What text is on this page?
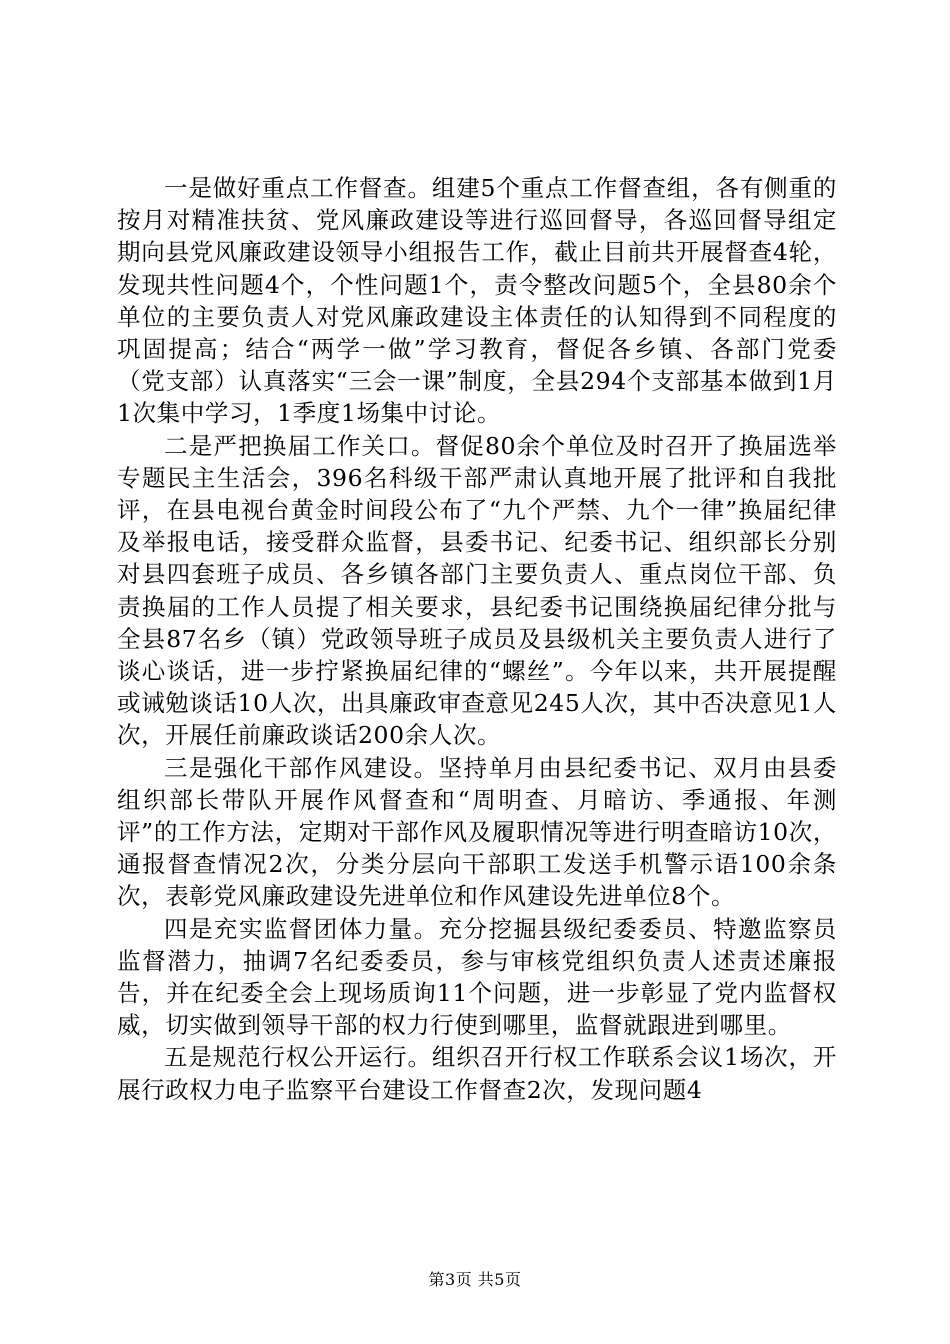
一是做好重点工作督查。组建5个重点工作督查组，各有侧重的按月对精准扶贫、党风廉政建设等进行巡回督导，各巡回督导组定期向县党风廉政建设领导小组报告工作，截止目前共开展督查4轮，发现共性问题4个，个性问题1个，责令整改问题5个，全县80余个单位的主要负责人对党风廉政建设主体责任的认知得到不同程度的巩固提高；结合“两学一做”学习教育，督促各乡镇、各部门党委（党支部）认真落实“三会一课”制度，全县294个支部基本做到1月1次集中学习，1季度1场集中讨论。

二是严把换届工作关口。督促80余个单位及时召开了换届选举专题民主生活会，396名科级干部严肃认真地开展了批评和自我批评，在县电视台黄金时间段公布了“九个严禁、九个一律”换届纪律及举报电话，接受群众监督，县委书记、纪委书记、组织部长分别对县四套班子成员、各乡镇各部门主要负责人、重点岗位干部、负责换届的工作人员提了相关要求，县纪委书记围绕换届纪律分批与全县87名乡（镇）党政领导班子成员及县级机关主要负责人进行了谈心谈话，进一步拧紧换届纪律的“螺丝”。今年以来，共开展提醒或诫勉谈话10人次，出具廉政审查意见245人次，其中否决意见1人次，开展任前廉政谈话200余人次。

三是强化干部作风建设。坚持单月由县纪委书记、双月由县委组织部长带队开展作风督查和“周明查、月暗访、季通报、年测评”的工作方法，定期对干部作风及履职情况等进行明查暗访10次，通报督查情况2次，分类分层向干部职工发送手机警示语100余条次，表彰党风廉政建设先进单位和作风建设先进单位8个。

四是充实监督团体力量。充分挖掘县级纪委委员、特邀监察员监督潜力，抽调7名纪委委员，参与审核党组织负责人述责述廉报告，并在纪委全会上现场质询11个问题，进一步彰显了党内监督权威，切实做到领导干部的权力行使到哪里，监督就跟进到哪里。

五是规范行权公开运行。组织召开行权工作联系会议1场次，开展行政权力电子监察平台建设工作督查2次，发现问题4

第3页 共5页
